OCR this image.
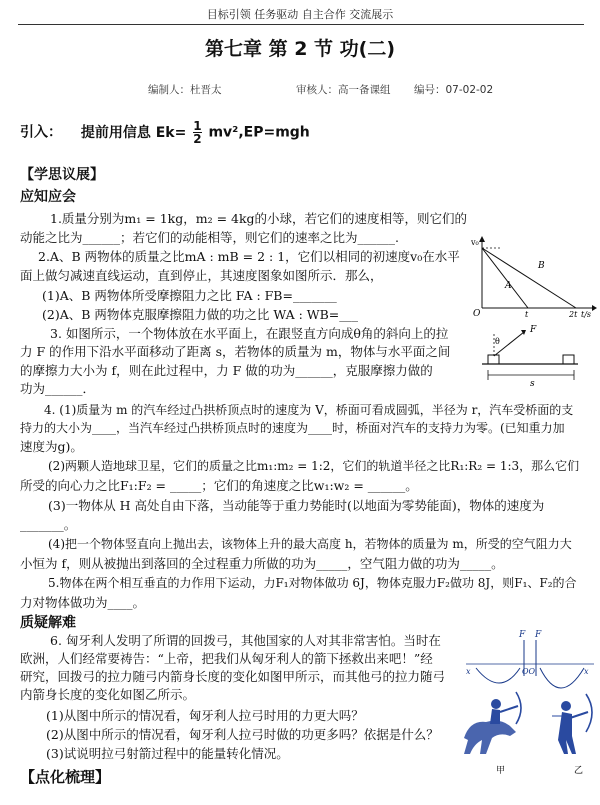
目标引领 任务驱动 自主合作 交流展示
第七章 第 2 节 功(二)
编制人：杜晋太	审核人：高一备课组 编号：07-02-02
引入： 提前用信息 $Ek= \frac{1}{2} mv^2,EP=mgh$
【学思议展】
应知应会
1.质量分别为m₁ = 1kg，m₂ = 4kg的小球，若它们的速度相等，则它们的
动能之比为______；若它们的动能相等，则它们的速率之比为______.
2.A、B 两物体的质量之比mA : mB = 2 : 1，它们以相同的初速度v₀在水平
面上做匀减速直线运动，直到停止，其速度图象如图所示．那么，
(1)A、B 两物体所受摩擦阻力之比 FA : FB=_______
(2)A、B 两物体克服摩擦阻力做的功之比 WA : WB=___
3. 如图所示，一个物体放在水平面上，在跟竖直方向成θ角的斜向上的拉
力 F 的作用下沿水平面移动了距离 s，若物体的质量为 m，物体与水平面之间
的摩擦力大小为 f，则在此过程中，力 F 做的功为______，克服摩擦力做的
功为______．
4. (1)质量为 m 的汽车经过凸拱桥顶点时的速度为 V，桥面可看成圆弧，半径为 r，汽车受桥面的支
持力的大小为____，当汽车经过凸拱桥顶点时的速度为____时，桥面对汽车的支持力为零。(已知重力加
速度为g)。
(2)两颗人造地球卫星，它们的质量之比m₁:m₂ = 1:2，它们的轨道半径之比R₁:R₂ = 1:3，那么它们
所受的向心力之比F₁:F₂ = _____；它们的角速度之比w₁:w₂ = ______。
(3)一物体从 H 高处自由下落，当动能等于重力势能时(以地面为零势能面)，物体的速度为
_______。
(4)把一个物体竖直向上抛出去，该物体上升的最大高度 h，若物体的质量为 m，所受的空气阻力大
小恒为 f，则从被抛出到落回的全过程重力所做的功为_____，空气阻力做的功为_____。
5.物体在两个相互垂直的力作用下运动，力F₁对物体做功 6J，物体克服力F₂做功 8J，则F₁、F₂的合
力对物体做功为____。
质疑解难
6. 匈牙利人发明了所谓的回拨弓，其他国家的人对其非常害怕。当时在
欧洲，人们经常要祷告：“上帝，把我们从匈牙利人的箭下拯救出来吧！”经
研究，回拨弓的拉力随弓内箭身长度的变化如图甲所示，而其他弓的拉力随弓
内箭身长度的变化如图乙所示。
(1)从图中所示的情况看，匈牙利人拉弓时用的力更大吗？
(2)从图中所示的情况看，匈牙利人拉弓时做的功更多吗？依据是什么？
(3)试说明拉弓射箭过程中的能量转化情况。
【点化梳理】
v₀
O
A
B
t	2t t/s
F
θ
s
F F
x	x
OO
甲	乙
